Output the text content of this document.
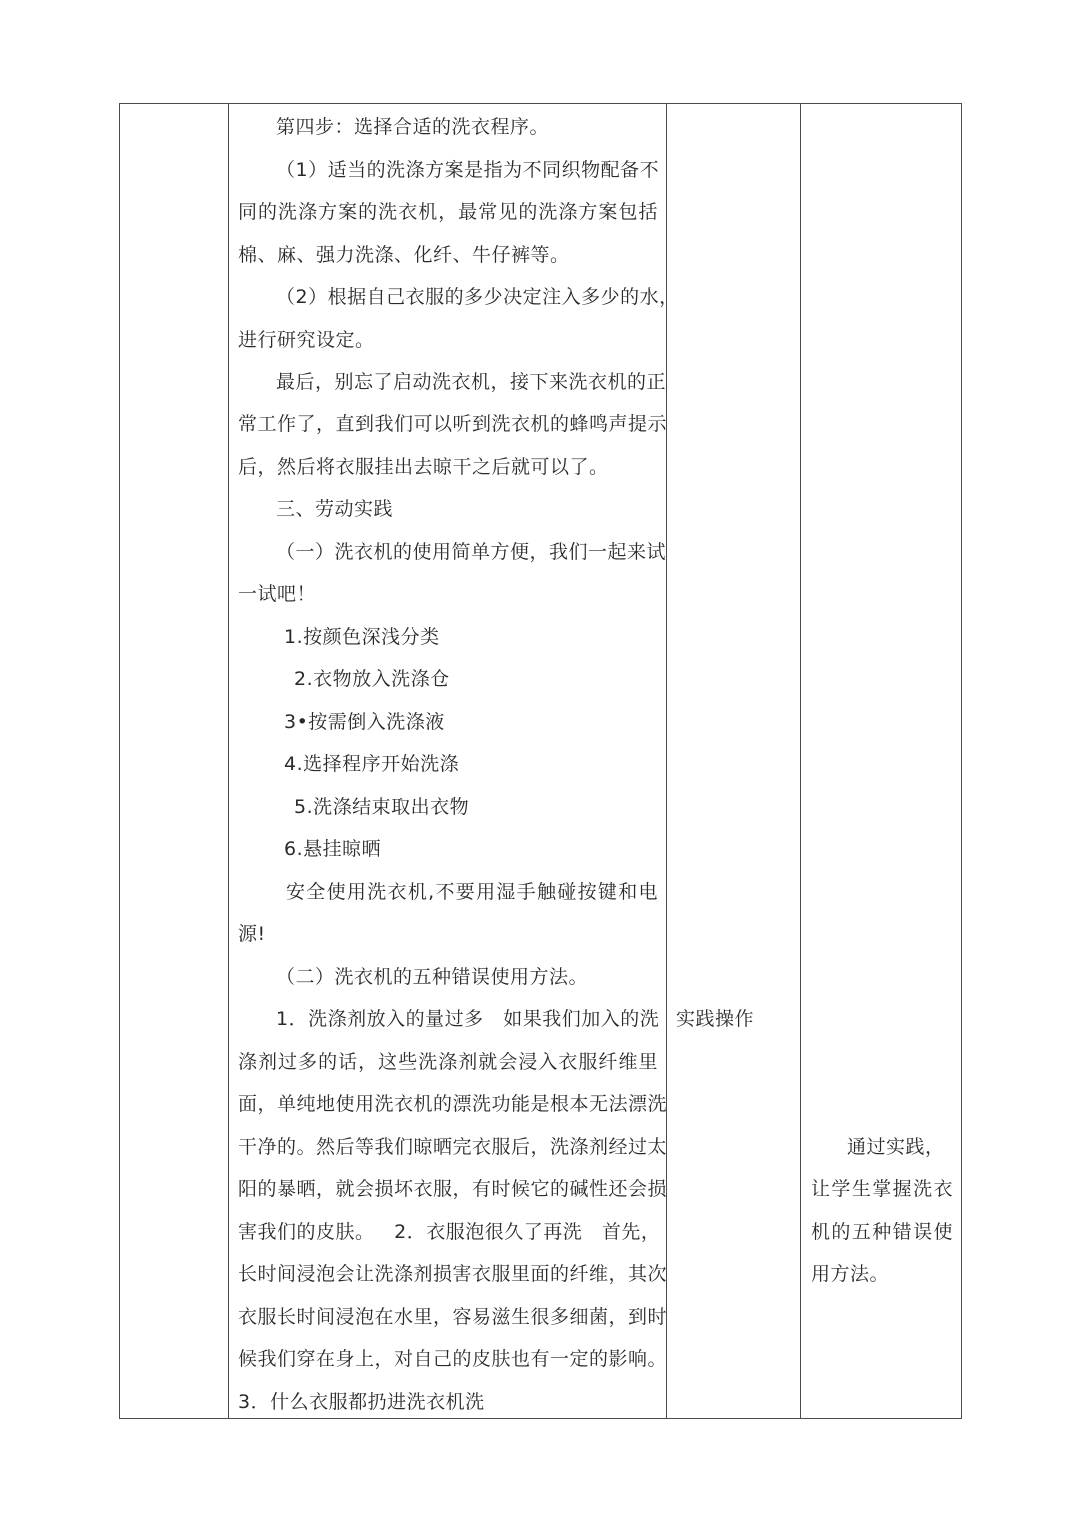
第四步：选择合适的洗衣程序。
（1）适当的洗涤方案是指为不同织物配备不
同的洗涤方案的洗衣机，最常见的洗涤方案包括
棉、麻、强力洗涤、化纤、牛仔裤等。
（2）根据自己衣服的多少决定注入多少的水，
进行研究设定。
最后，别忘了启动洗衣机，接下来洗衣机的正
常工作了，直到我们可以听到洗衣机的蜂鸣声提示
后，然后将衣服挂出去晾干之后就可以了。
三、劳动实践
（一）洗衣机的使用简单方便，我们一起来试
一试吧！
1.按颜色深浅分类
2.衣物放入洗涤仓
3•按需倒入洗涤液
4.选择程序开始洗涤
5.洗涤结束取出衣物
6.悬挂晾晒
安全使用洗衣机,不要用湿手触碰按键和电
源!
（二）洗衣机的五种错误使用方法。
1．洗涤剂放入的量过多   如果我们加入的洗
涤剂过多的话，这些洗涤剂就会浸入衣服纤维里
面，单纯地使用洗衣机的漂洗功能是根本无法漂洗
干净的。然后等我们晾晒完衣服后，洗涤剂经过太
阳的暴晒，就会损坏衣服，有时候它的碱性还会损
害我们的皮肤。   2．衣服泡很久了再洗   首先，
长时间浸泡会让洗涤剂损害衣服里面的纤维，其次
衣服长时间浸泡在水里，容易滋生很多细菌，到时
候我们穿在身上，对自己的皮肤也有一定的影响。
3．什么衣服都扔进洗衣机洗
实践操作
通过实践，
让学生掌握洗衣
机的五种错误使
用方法。
